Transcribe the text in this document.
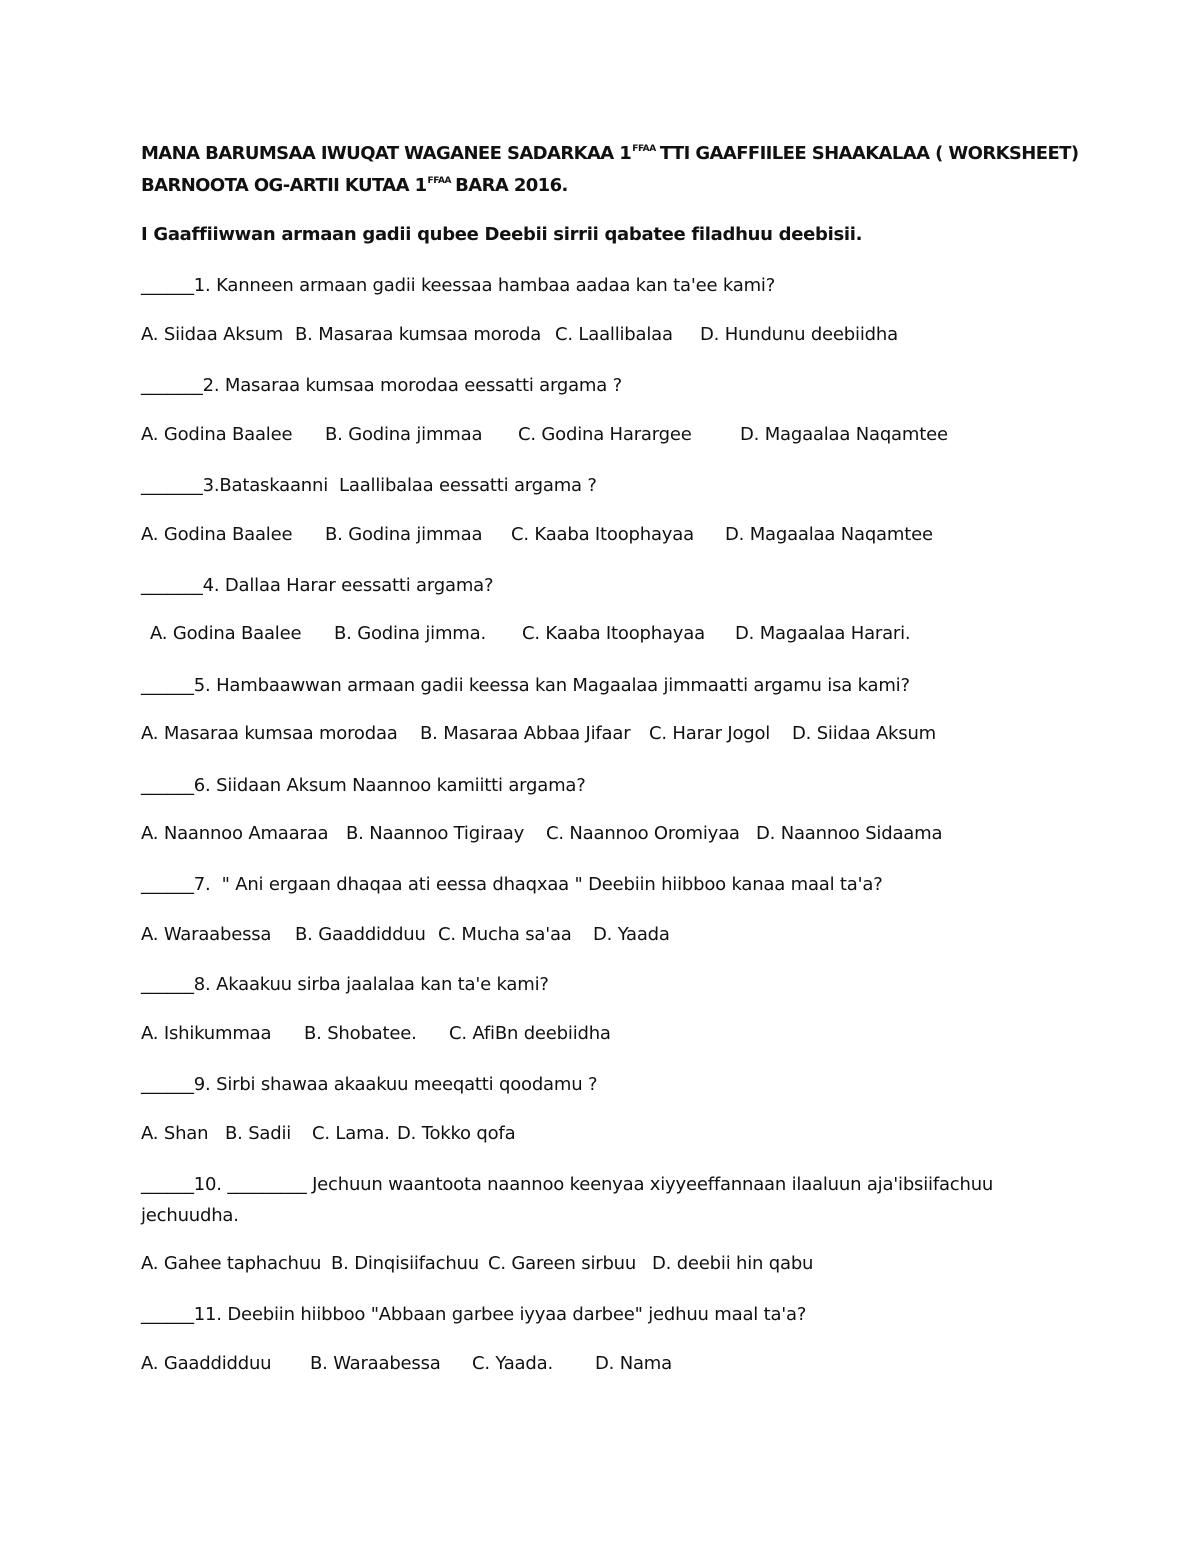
MANA BARUMSAA IWUQAT WAGANEE SADARKAA $1^{FFAA}$ TTI GAAFFIILEE SHAAKALAA ( WORKSHEET)
BARNOOTA OG-ARTII KUTAA $1^{FFAA}$ BARA 2016.
I Gaaffiiwwan armaan gadii qubee Deebii sirrii qabatee filadhuu deebisii.
______1. Kanneen armaan gadii keessaa hambaa aadaa kan ta'ee kami?
A. Siidaa Aksum B. Masaraa kumsaa moroda C. Laallibalaa D. Hundunu deebiidha
_______2. Masaraa kumsaa morodaa eessatti argama ?
A. Godina Baalee B. Godina jimmaa C. Godina Harargee	D. Magaalaa Naqamtee
_______3.Bataskaanni  Laallibalaa eessatti argama ?
A. Godina Baalee B. Godina jimmaa C. Kaaba Itoophayaa D. Magaalaa Naqamtee
_______4. Dallaa Harar eessatti argama?
A. Godina Baalee B. Godina jimma. C. Kaaba Itoophayaa D. Magaalaa Harari.
______5. Hambaawwan armaan gadii keessa kan Magaalaa jimmaatti argamu isa kami?
A. Masaraa kumsaa morodaa B. Masaraa Abbaa Jifaar C. Harar Jogol D. Siidaa Aksum
______6. Siidaan Aksum Naannoo kamiitti argama?
A. Naannoo Amaaraa B. Naannoo Tigiraay C. Naannoo Oromiyaa D. Naannoo Sidaama
______7.  " Ani ergaan dhaqaa ati eessa dhaqxaa " Deebiin hiibboo kanaa maal ta'a?
A. Waraabessa B. Gaaddidduu C. Mucha sa'aa D. Yaada
______8. Akaakuu sirba jaalalaa kan ta'e kami?
A. Ishikummaa B. Shobatee. C. AfiBn deebiidha
______9. Sirbi shawaa akaakuu meeqatti qoodamu ?
A. Shan B. Sadii C. Lama. D. Tokko qofa
______10. _________ Jechuun waantoota naannoo keenyaa xiyyeeffannaan ilaaluun aja'ibsiifachuu jechuudha.
A. Gahee taphachuu B. Dinqisiifachuu C. Gareen sirbuu D. deebii hin qabu
______11. Deebiin hiibboo "Abbaan garbee iyyaa darbee" jedhuu maal ta'a?
A. Gaaddidduu B. Waraabessa C. Yaada. D. Nama
